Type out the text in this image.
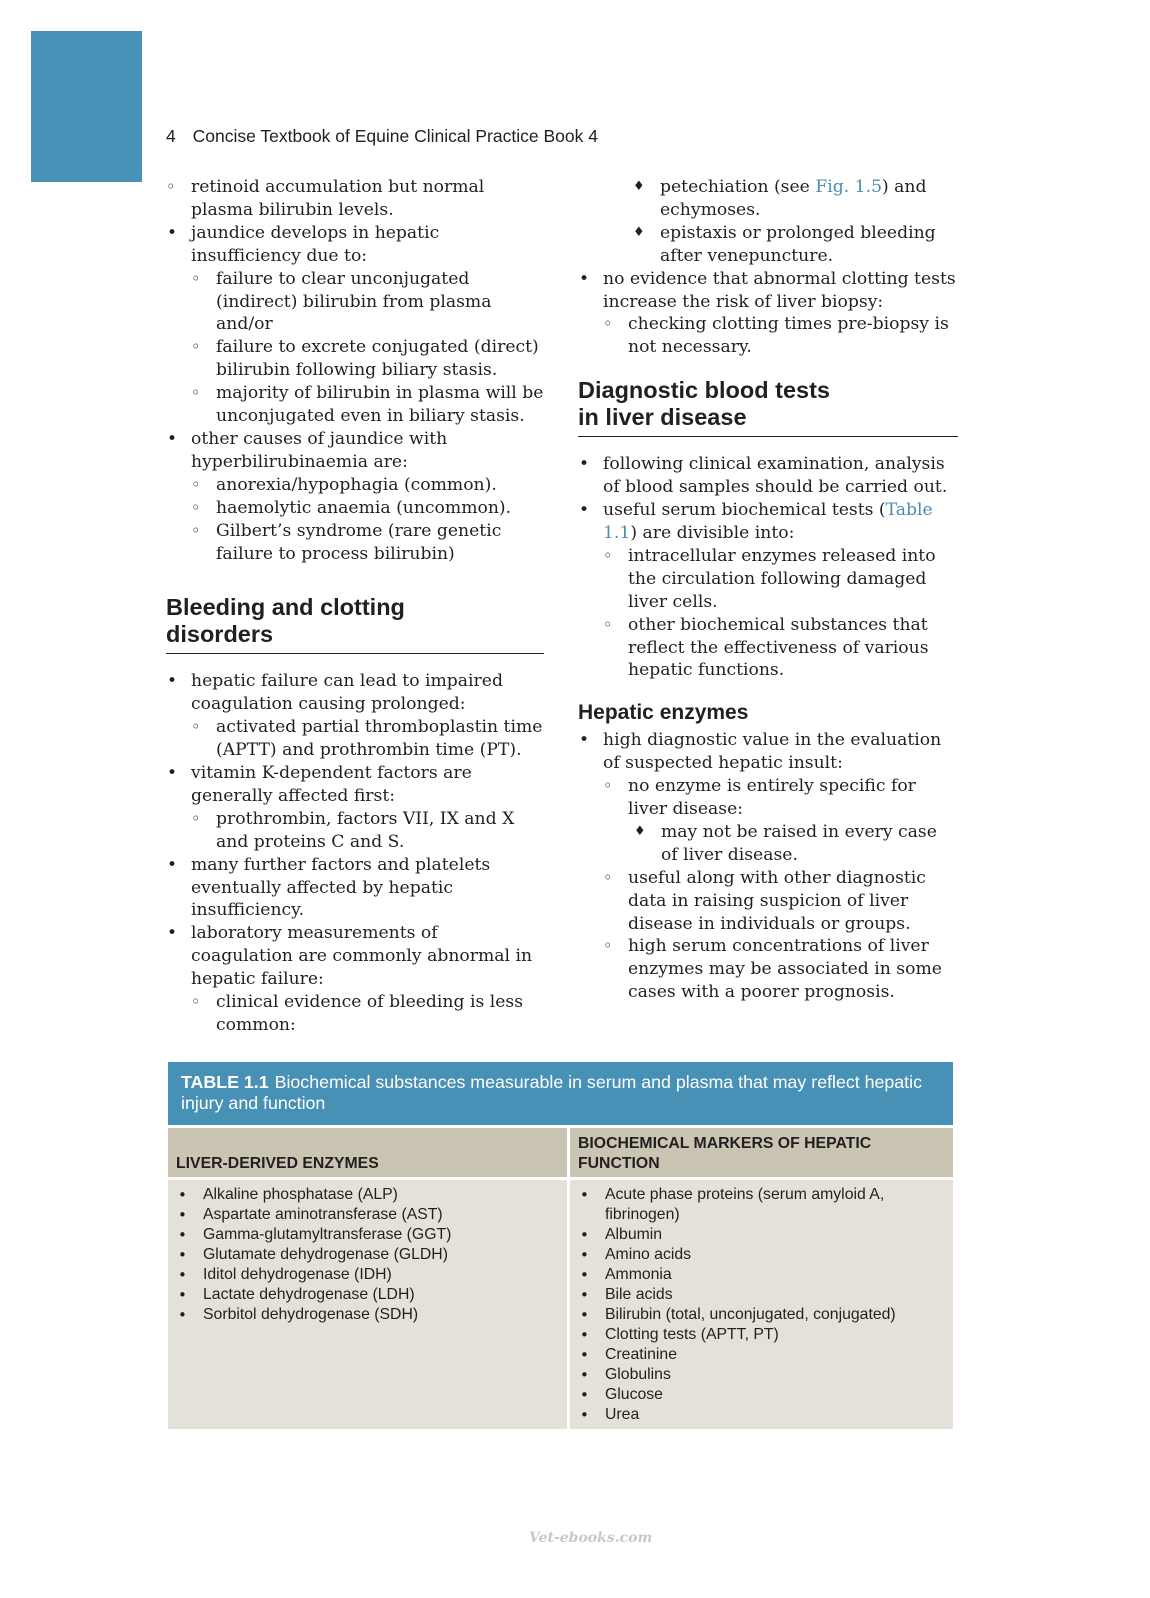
4 Concise Textbook of Equine Clinical Practice Book 4
◦ retinoid accumulation but normal plasma bilirubin levels.
• jaundice develops in hepatic insufficiency due to:
◦ failure to clear unconjugated (indirect) bilirubin from plasma and/or
◦ failure to excrete conjugated (direct) bilirubin following biliary stasis.
◦ majority of bilirubin in plasma will be unconjugated even in biliary stasis.
• other causes of jaundice with hyperbilirubinaemia are:
◦ anorexia/hypophagia (common).
◦ haemolytic anaemia (uncommon).
◦ Gilbert’s syndrome (rare genetic failure to process bilirubin)
Bleeding and clotting
disorders
• hepatic failure can lead to impaired coagulation causing prolonged:
◦ activated partial thromboplastin time (APTT) and prothrombin time (PT).
• vitamin K-dependent factors are generally affected first:
◦ prothrombin, factors VII, IX and X and proteins C and S.
• many further factors and platelets eventually affected by hepatic insufficiency.
• laboratory measurements of coagulation are commonly abnormal in hepatic failure:
◦ clinical evidence of bleeding is less common:
♦ petechiation (see Fig. 1.5) and echymoses.
♦ epistaxis or prolonged bleeding after venepuncture.
• no evidence that abnormal clotting tests increase the risk of liver biopsy:
◦ checking clotting times pre-biopsy is not necessary.
Diagnostic blood tests
in liver disease
• following clinical examination, analysis of blood samples should be carried out.
• useful serum biochemical tests (Table 1.1) are divisible into:
◦ intracellular enzymes released into the circulation following damaged liver cells.
◦ other biochemical substances that reflect the effectiveness of various hepatic functions.
Hepatic enzymes
• high diagnostic value in the evaluation of suspected hepatic insult:
◦ no enzyme is entirely specific for liver disease:
♦ may not be raised in every case of liver disease.
◦ useful along with other diagnostic data in raising suspicion of liver disease in individuals or groups.
◦ high serum concentrations of liver enzymes may be associated in some cases with a poorer prognosis.
TABLE 1.1 Biochemical substances measurable in serum and plasma that may reflect hepatic injury and function
LIVER-DERIVED ENZYMES
• Alkaline phosphatase (ALP)
• Aspartate aminotransferase (AST)
• Gamma-glutamyltransferase (GGT)
• Glutamate dehydrogenase (GLDH)
• Iditol dehydrogenase (IDH)
• Lactate dehydrogenase (LDH)
• Sorbitol dehydrogenase (SDH)
BIOCHEMICAL MARKERS OF HEPATIC FUNCTION
• Acute phase proteins (serum amyloid A, fibrinogen)
• Albumin
• Amino acids
• Ammonia
• Bile acids
• Bilirubin (total, unconjugated, conjugated)
• Clotting tests (APTT, PT)
• Creatinine
• Globulins
• Glucose
• Urea
Vet-ebooks.com
